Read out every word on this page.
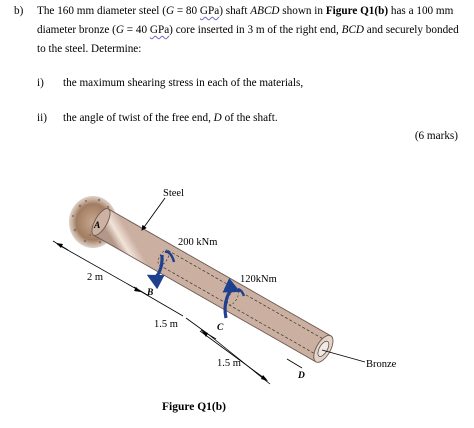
b) The 160 mm diameter steel (G = 80 GPa) shaft ABCD shown in Figure Q1(b) has a 100 mm
diameter bronze (G = 40 GPa) core inserted in 3 m of the right end, BCD and securely bonded
to the steel. Determine:
i) the maximum shearing stress in each of the materials,
ii) the angle of twist of the free end, D of the shaft.
(6 marks)
Steel
200 kNm
120kNm
2 m
1.5 m
1.5 m
A
B
C
D
Bronze
Figure Q1(b)
